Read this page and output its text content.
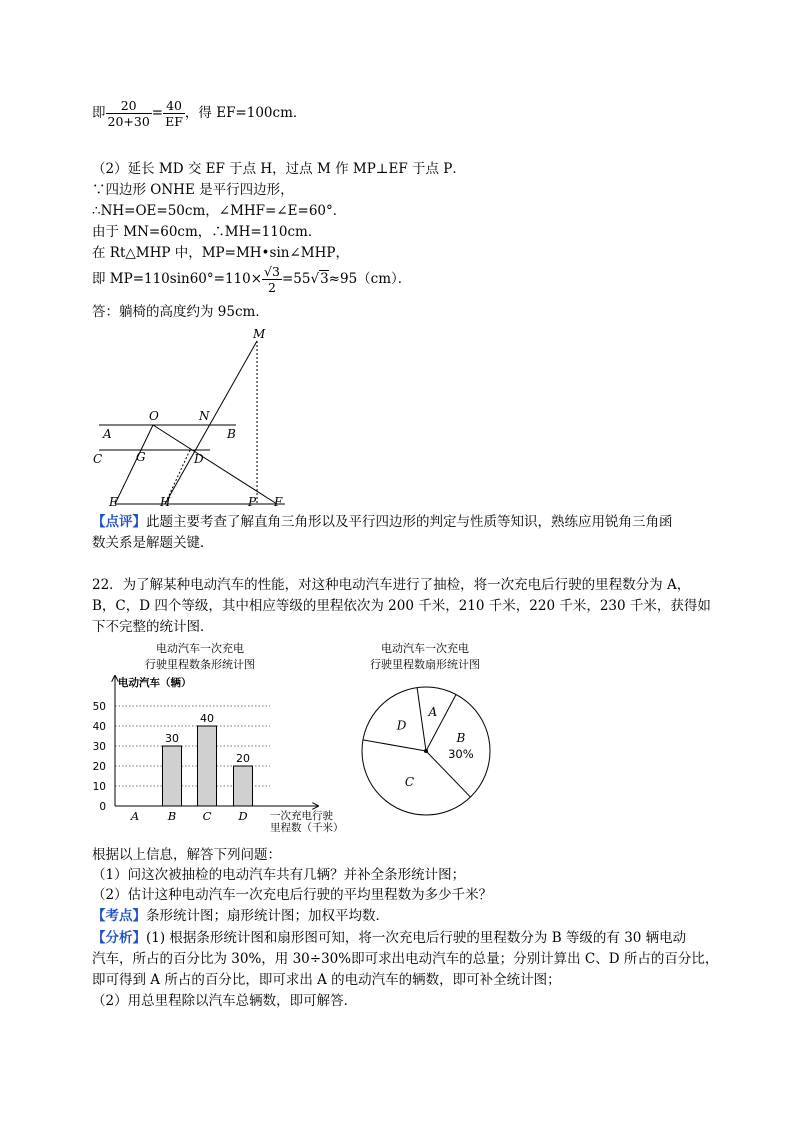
即 $\frac{20}{20+30} = \frac{40}{EF}$ ，得 EF=100cm．
（2）延长 MD 交 EF 于点 H，过点 M 作 MP⊥EF 于点 P．
∵四边形 ONHE 是平行四边形，
∴NH=OE=50cm，∠MHF=∠E=60°．
由于 MN=60cm，∴MH=110cm．
在 Rt△MHP 中，MP=MH•sin∠MHP，
即 $MP=110\sin 60^\circ=110\times \frac{√3}{2} =55√3\approx 95(cm)$．
答：躺椅的高度约为 95cm．
M
O	N
A	B
C	G	D
E	H	P F
【点评】此题主要考查了解直角三角形以及平行四边形的判定与性质等知识，熟练应用锐角三角函
数关系是解题关键．
22．为了解某种电动汽车的性能，对这种电动汽车进行了抽检，将一次充电后行驶的里程数分为 A，
B，C，D 四个等级，其中相应等级的里程依次为 200 千米，210 千米，220 千米，230 千米，获得如
下不完整的统计图．
电动汽车一次充电
行驶里程数条形统计图
电动汽车一次充电
行驶里程数扇形统计图
电动汽车（辆）
0
10
20
30
40
50
30
40
20
A B C D 一次充电行驶
里程数（千米）
A
B
30%
C
D
根据以上信息，解答下列问题：
（1）问这次被抽检的电动汽车共有几辆？并补全条形统计图；
（2）估计这种电动汽车一次充电后行驶的平均里程数为多少千米？
【考点】条形统计图；扇形统计图；加权平均数．
【分析】(1) 根据条形统计图和扇形图可知，将一次充电后行驶的里程数分为 B 等级的有 30 辆电动
汽车，所占的百分比为 30%，用 30÷30%即可求出电动汽车的总量；分别计算出 C、D 所占的百分比，
即可得到 A 所占的百分比，即可求出 A 的电动汽车的辆数，即可补全统计图；
（2）用总里程除以汽车总辆数，即可解答．
